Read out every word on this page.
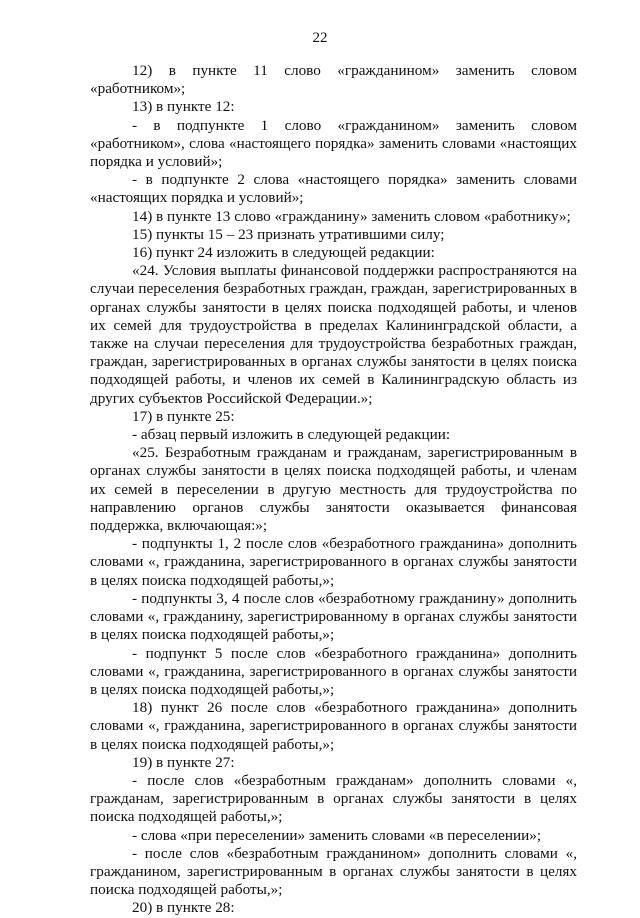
22

12) в пункте 11 слово «гражданином» заменить словом «работником»;

13) в пункте 12:

- в подпункте 1 слово «гражданином» заменить словом «работником», слова «настоящего порядка» заменить словами «настоящих порядка и условий»;

- в подпункте 2 слова «настоящего порядка» заменить словами «настоящих порядка и условий»;

14) в пункте 13 слово «гражданину» заменить словом «работнику»;

15) пункты 15 – 23 признать утратившими силу;

16) пункт 24 изложить в следующей редакции:

«24. Условия выплаты финансовой поддержки распространяются на случаи переселения безработных граждан, граждан, зарегистрированных в органах службы занятости в целях поиска подходящей работы, и членов их семей для трудоустройства в пределах Калининградской области, а также на случаи переселения для трудоустройства безработных граждан, граждан, зарегистрированных в органах службы занятости в целях поиска подходящей работы, и членов их семей в Калининградскую область из других субъектов Российской Федерации.»;

17) в пункте 25:

- абзац первый изложить в следующей редакции:

«25. Безработным гражданам и гражданам, зарегистрированным в органах службы занятости в целях поиска подходящей работы, и членам их семей в переселении в другую местность для трудоустройства по направлению органов службы занятости оказывается финансовая поддержка, включающая:»;

- подпункты 1, 2 после слов «безработного гражданина» дополнить словами «, гражданина, зарегистрированного в органах службы занятости в целях поиска подходящей работы,»;

- подпункты 3, 4 после слов «безработному гражданину» дополнить словами «, гражданину, зарегистрированному в органах службы занятости в целях поиска подходящей работы,»;

- подпункт 5 после слов «безработного гражданина» дополнить словами «, гражданина, зарегистрированного в органах службы занятости в целях поиска подходящей работы,»;

18) пункт 26 после слов «безработного гражданина» дополнить словами «, гражданина, зарегистрированного в органах службы занятости в целях поиска подходящей работы,»;

19) в пункте 27:

- после слов «безработным гражданам» дополнить словами «, гражданам, зарегистрированным в органах службы занятости в целях поиска подходящей работы,»;

- слова «при переселении» заменить словами «в переселении»;

- после слов «безработным гражданином» дополнить словами «, гражданином, зарегистрированным в органах службы занятости в целях поиска подходящей работы,»;

20) в пункте 28:
